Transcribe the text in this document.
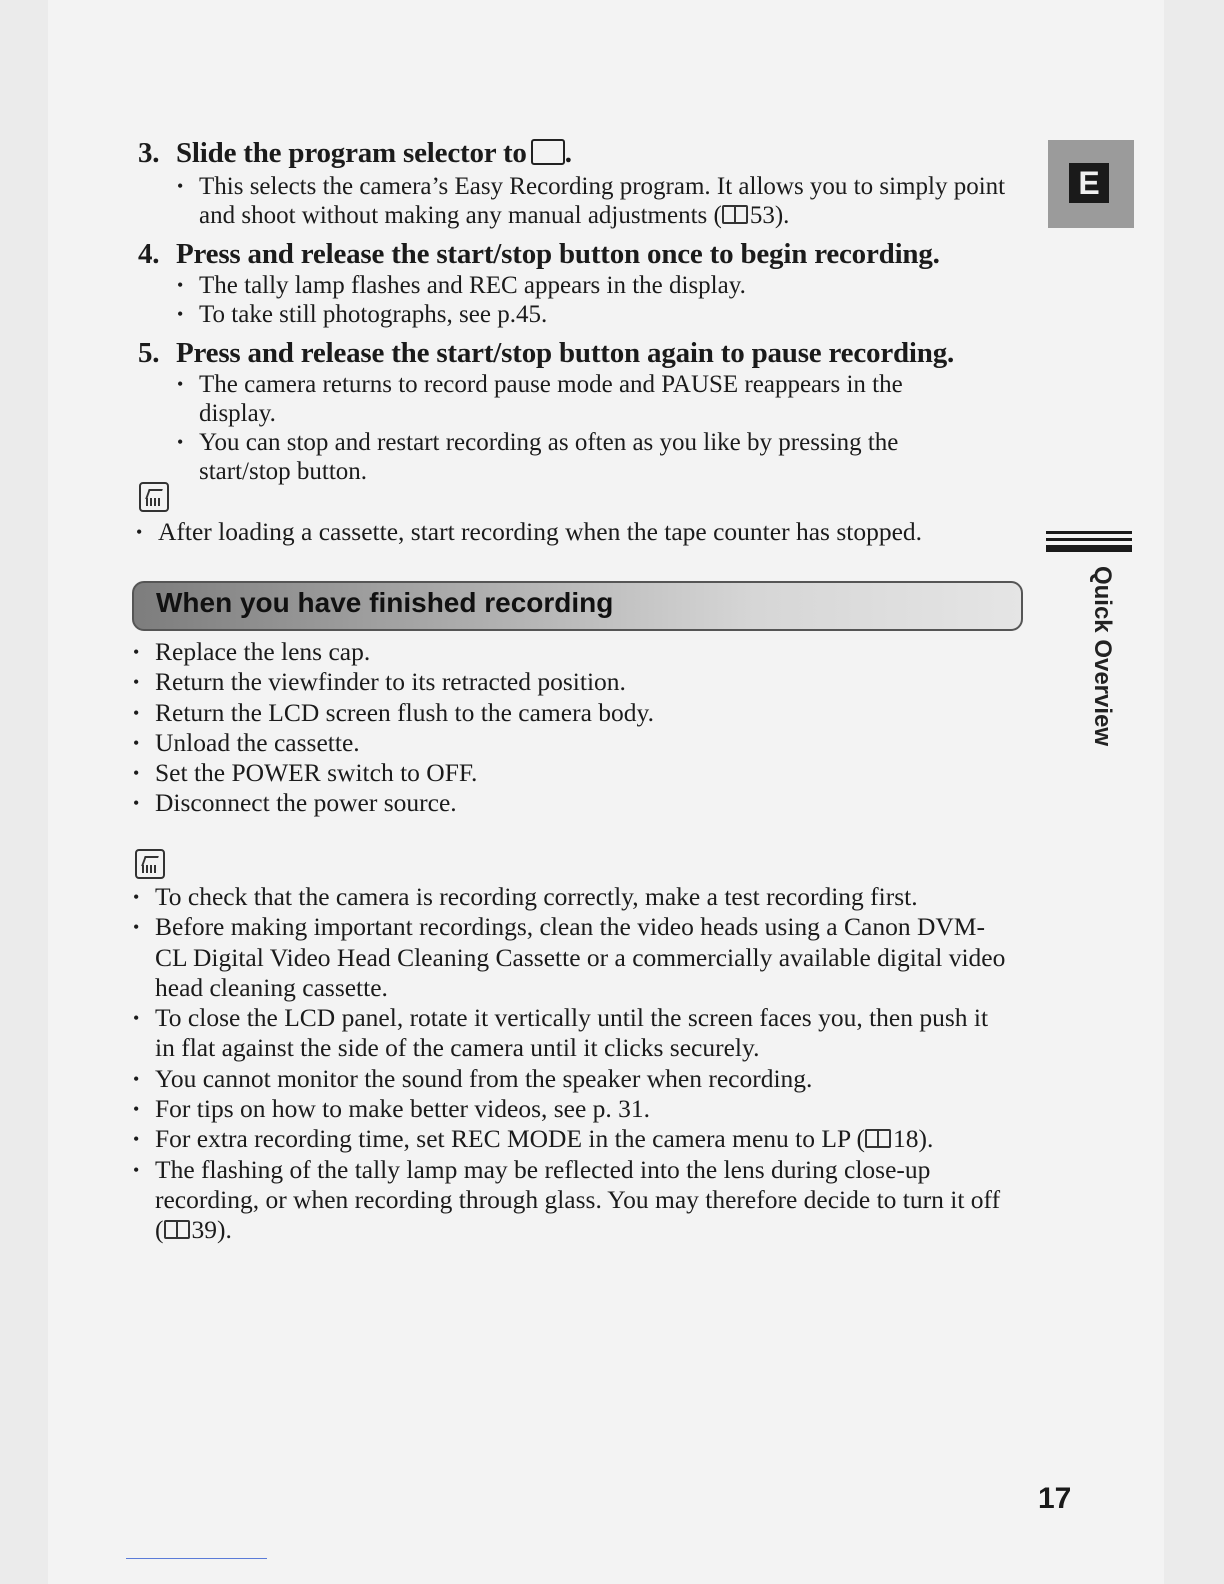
3. Slide the program selector to .

• This selects the camera’s Easy Recording program. It allows you to simply point and shoot without making any manual adjustments ( 53).

4. Press and release the start/stop button once to begin recording.

• The tally lamp flashes and REC appears in the display.
• To take still photographs, see p.45.

5. Press and release the start/stop button again to pause recording.

• The camera returns to record pause mode and PAUSE reappears in the display.
• You can stop and restart recording as often as you like by pressing the start/stop button.
• After loading a cassette, start recording when the tape counter has stopped.
When you have finished recording
• Replace the lens cap.
• Return the viewfinder to its retracted position.
• Return the LCD screen flush to the camera body.
• Unload the cassette.
• Set the POWER switch to OFF.
• Disconnect the power source.
• To check that the camera is recording correctly, make a test recording first.
• Before making important recordings, clean the video heads using a Canon DVM-CL Digital Video Head Cleaning Cassette or a commercially available digital video head cleaning cassette.
• To close the LCD panel, rotate it vertically until the screen faces you, then push it in flat against the side of the camera until it clicks securely.
• You cannot monitor the sound from the speaker when recording.
• For tips on how to make better videos, see p. 31.
• For extra recording time, set REC MODE in the camera menu to LP ( 18).
• The flashing of the tally lamp may be reflected into the lens during close-up recording, or when recording through glass. You may therefore decide to turn it off ( 39).
E
Quick Overview
17
